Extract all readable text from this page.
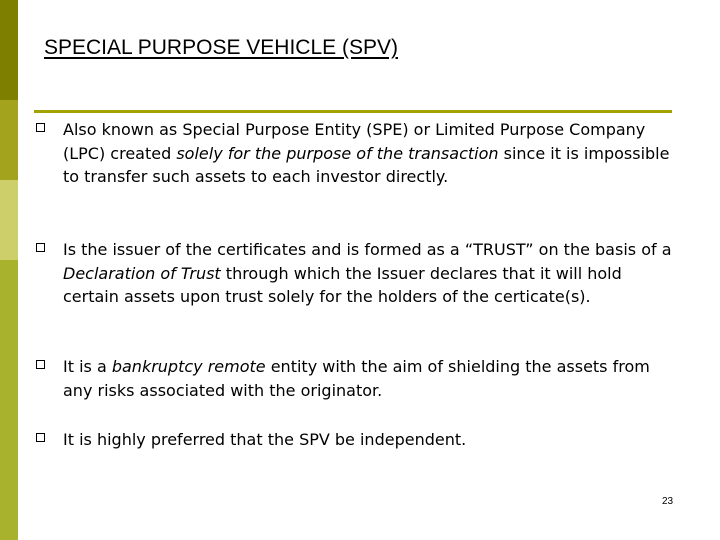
SPECIAL PURPOSE VEHICLE (SPV)
Also known as Special Purpose Entity (SPE) or Limited Purpose Company (LPC) created solely for the purpose of the transaction since it is impossible to transfer such assets to each investor directly.
Is the issuer of the certificates and is formed as a “TRUST” on the basis of a Declaration of Trust through which the Issuer declares that it will hold certain assets upon trust solely for the holders of the certicate(s).
It is a bankruptcy remote entity with the aim of shielding the assets from any risks associated with the originator.
It is highly preferred that the SPV be independent.
23
